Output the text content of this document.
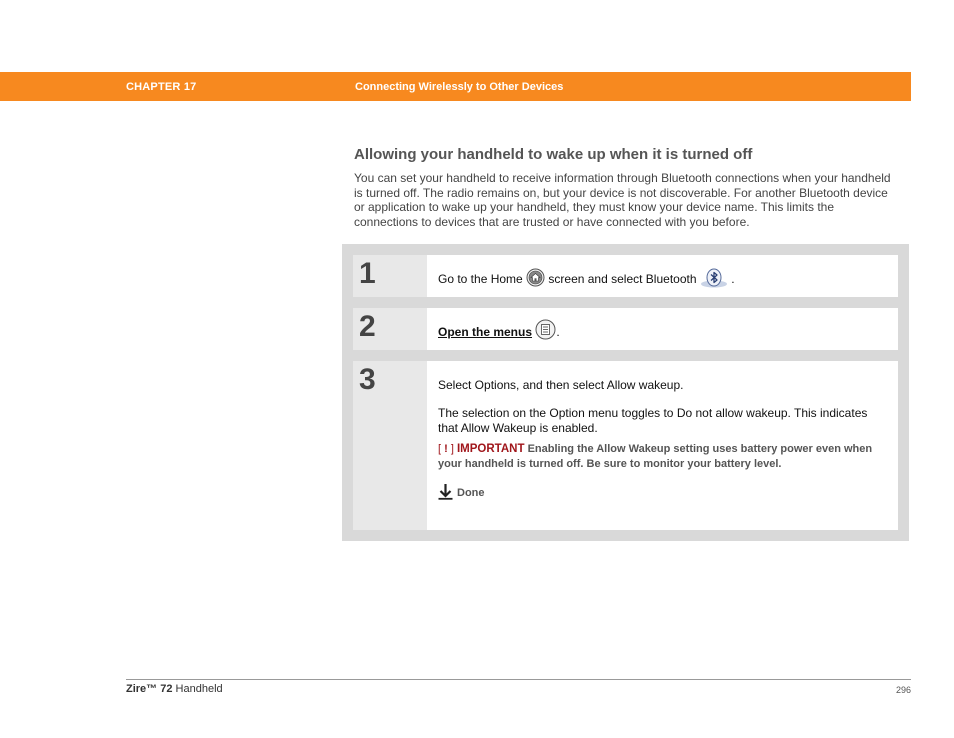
CHAPTER 17	Connecting Wirelessly to Other Devices
Allowing your handheld to wake up when it is turned off

You can set your handheld to receive information through Bluetooth connections when your handheld is turned off. The radio remains on, but your device is not discoverable. For another Bluetooth device or application to wake up your handheld, they must know your device name. This limits the connections to devices that are trusted or have connected with you before.

1	Go to the Home screen and select Bluetooth	.
2	Open the menus .
3	Select Options, and then select Allow wakeup.
The selection on the Option menu toggles to Do not allow wakeup. This indicates that Allow Wakeup is enabled.
[ ! ] IMPORTANT Enabling the Allow Wakeup setting uses battery power even when your handheld is turned off. Be sure to monitor your battery level.
Done
Zire™ 72 Handheld	296
